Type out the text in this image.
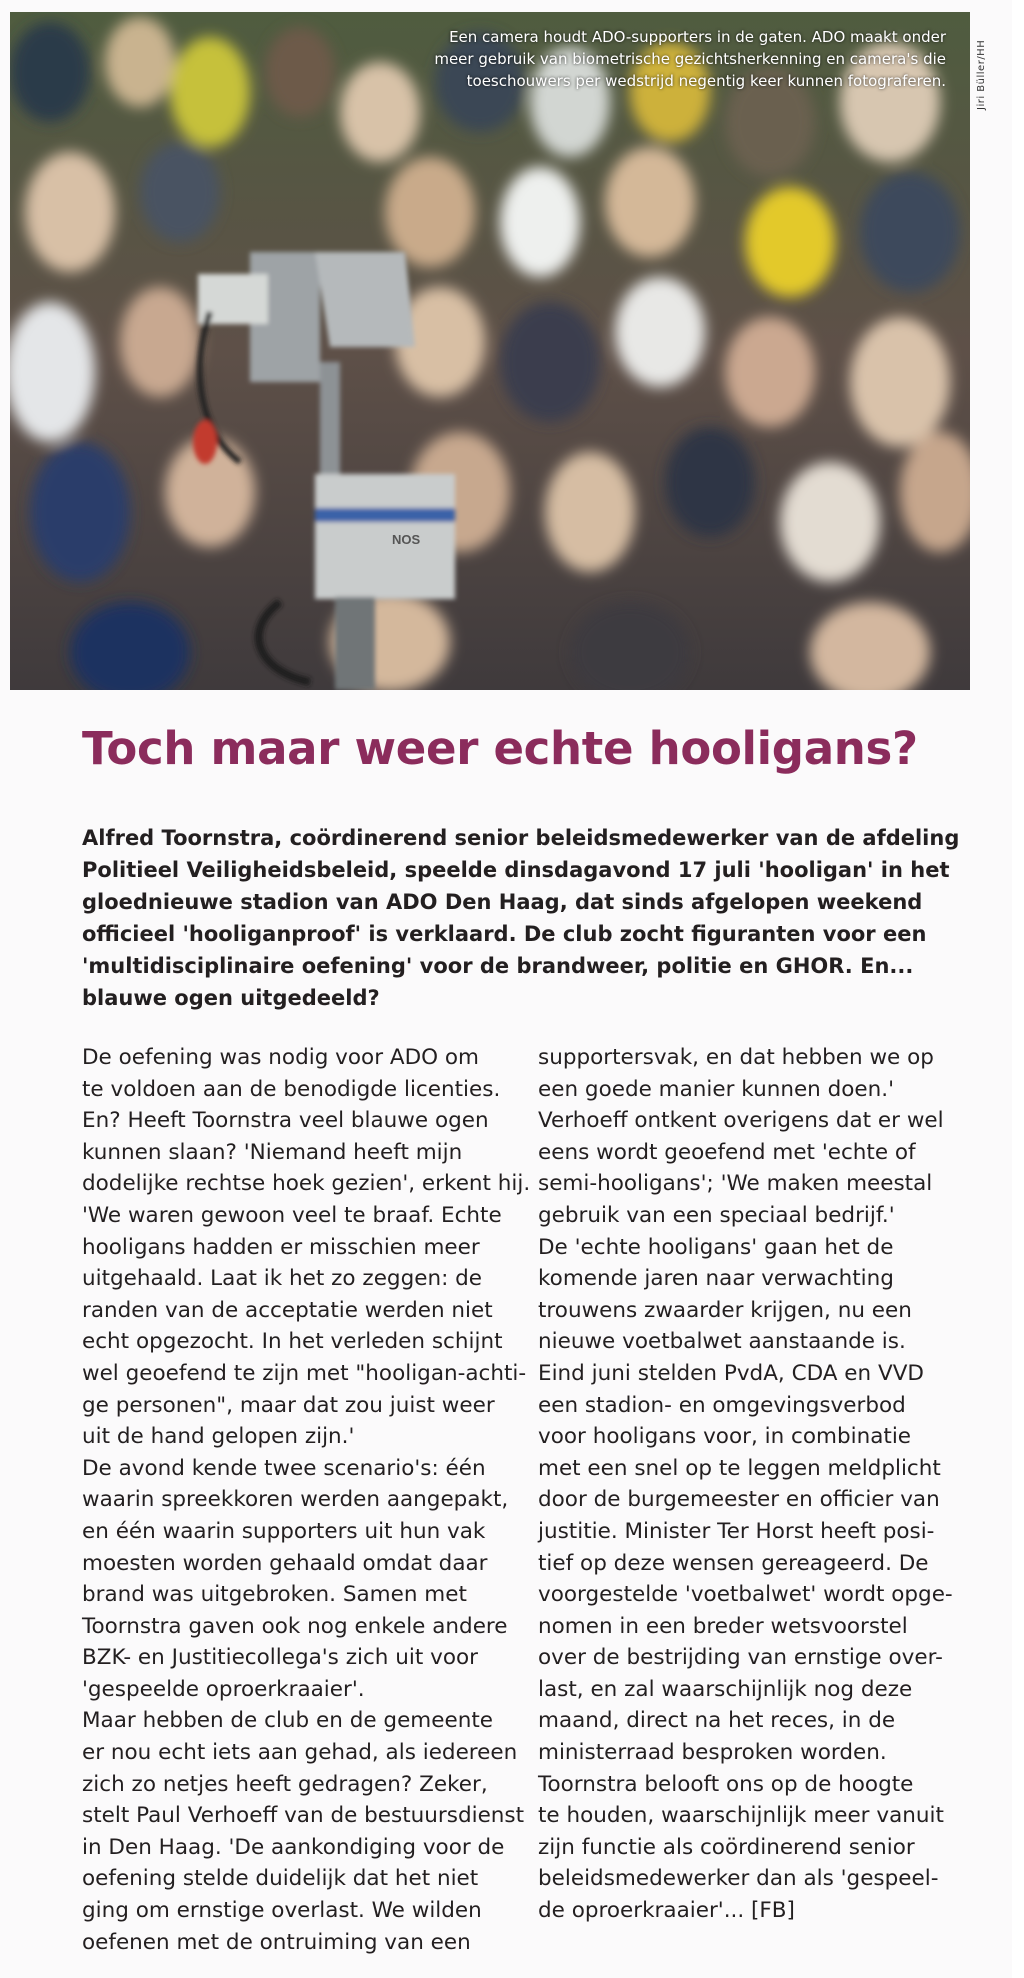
NOS
Een camera houdt ADO-supporters in de gaten. ADO maakt onder meer gebruik van biometrische gezichtsherkenning en camera's die toeschouwers per wedstrijd negentig keer kunnen fotograferen.	Jiri Büller/HH
Toch maar weer echte hooligans?

Alfred Toornstra, coördinerend senior beleidsmedewerker van de afdeling Politieel Veiligheidsbeleid, speelde dinsdagavond 17 juli 'hooligan' in het gloednieuwe stadion van ADO Den Haag, dat sinds afgelopen weekend officieel 'hooliganproof' is verklaard. De club zocht figuranten voor een 'multidisciplinaire oefening' voor de brandweer, politie en GHOR. En... blauwe ogen uitgedeeld?

De oefening was nodig voor ADO om

te voldoen aan de benodigde licenties.

En? Heeft Toornstra veel blauwe ogen

kunnen slaan? 'Niemand heeft mijn

dodelijke rechtse hoek gezien', erkent hij.

'We waren gewoon veel te braaf. Echte

hooligans hadden er misschien meer

uitgehaald. Laat ik het zo zeggen: de

randen van de acceptatie werden niet

echt opgezocht. In het verleden schijnt

wel geoefend te zijn met "hooligan-achti-

ge personen", maar dat zou juist weer

uit de hand gelopen zijn.'

De avond kende twee scenario's: één

waarin spreekkoren werden aangepakt,

en één waarin supporters uit hun vak

moesten worden gehaald omdat daar

brand was uitgebroken. Samen met

Toornstra gaven ook nog enkele andere

BZK- en Justitiecollega's zich uit voor

'gespeelde oproerkraaier'.

Maar hebben de club en de gemeente

er nou echt iets aan gehad, als iedereen

zich zo netjes heeft gedragen? Zeker,

stelt Paul Verhoeff van de bestuursdienst

in Den Haag. 'De aankondiging voor de

oefening stelde duidelijk dat het niet

ging om ernstige overlast. We wilden

oefenen met de ontruiming van een

supportersvak, en dat hebben we op

een goede manier kunnen doen.'

Verhoeff ontkent overigens dat er wel

eens wordt geoefend met 'echte of

semi-hooligans'; 'We maken meestal

gebruik van een speciaal bedrijf.'

De 'echte hooligans' gaan het de

komende jaren naar verwachting

trouwens zwaarder krijgen, nu een

nieuwe voetbalwet aanstaande is.

Eind juni stelden PvdA, CDA en VVD

een stadion- en omgevingsverbod

voor hooligans voor, in combinatie

met een snel op te leggen meldplicht

door de burgemeester en officier van

justitie. Minister Ter Horst heeft posi-

tief op deze wensen gereageerd. De

voorgestelde 'voetbalwet' wordt opge-

nomen in een breder wetsvoorstel

over de bestrijding van ernstige over-

last, en zal waarschijnlijk nog deze

maand, direct na het reces, in de

ministerraad besproken worden.

Toornstra belooft ons op de hoogte

te houden, waarschijnlijk meer vanuit

zijn functie als coördinerend senior

beleidsmedewerker dan als 'gespeel-

de oproerkraaier'... [FB]
